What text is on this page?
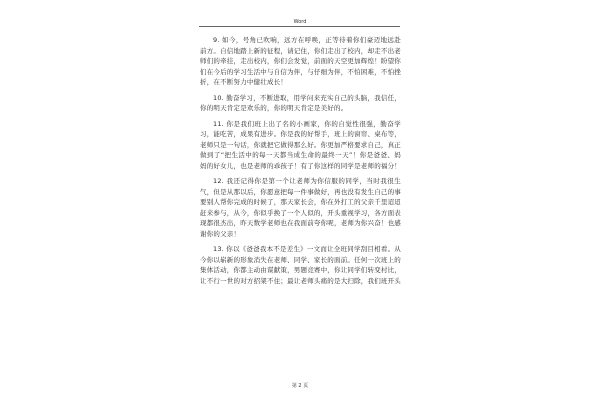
Word

9. 如今，号角已吹响，远方在呼唤，正等待着你们豪迈地远赴前方。自信地踏上新的征程，请记住，你们走出了校内，却走不出老师们的牵挂，走出校内，你们会发觉，前面的天空更加辉煌！盼望你们在今后的学习生活中与自信为伴，与仔细为伴，不怕困难，不怕挫折，在不断努力中健壮成长！

10. 勤奋学习，不断进取，用学问来充实自己的头脑，我信任，你的明天肯定是欢乐的，你的明天肯定是美好的。

11. 你是我们班上出了名的小画家，你的自觉性很强，勤奋学习，能吃苦，成果有进步。你是我的好帮手，班上的窗帘、桌布等，老师只是一句话，你就把它做得那么好。你更加严格要求自己，真正做到了“把生活中的每一天都当成生命的最终一天”！你是爸爸、妈妈的好女儿，也是老师的乖孩子！有了你这样的同学是老师的福分！

12. 我还记得你是第一个让老师为你信服的同学，当时我很生气，但是从那以后，你愿意把每一件事做好，再也没有发生自己的事要别人帮你完成的时候了，那天家长会，你在外打工的父亲千里迢迢赶来参与，从今，你似乎换了一个人似的，开头重视学习，各方面表现都很杰出，昨天数学老师也在我面前夸你呢，老师为你兴奋！也感谢你的父亲！

13. 你以《爸爸我本不是差生》一文而让全班同学刮目相看。从今你以崭新的形象消失在老师、同学、家长的面前。任何一次班上的集体活动，你都主动由谋献策，男题竞赛中，你让同学们转变村比，让不行一世的对方招架不住；最让老师头痛的是大扫除，我们班开头

第 2 页
